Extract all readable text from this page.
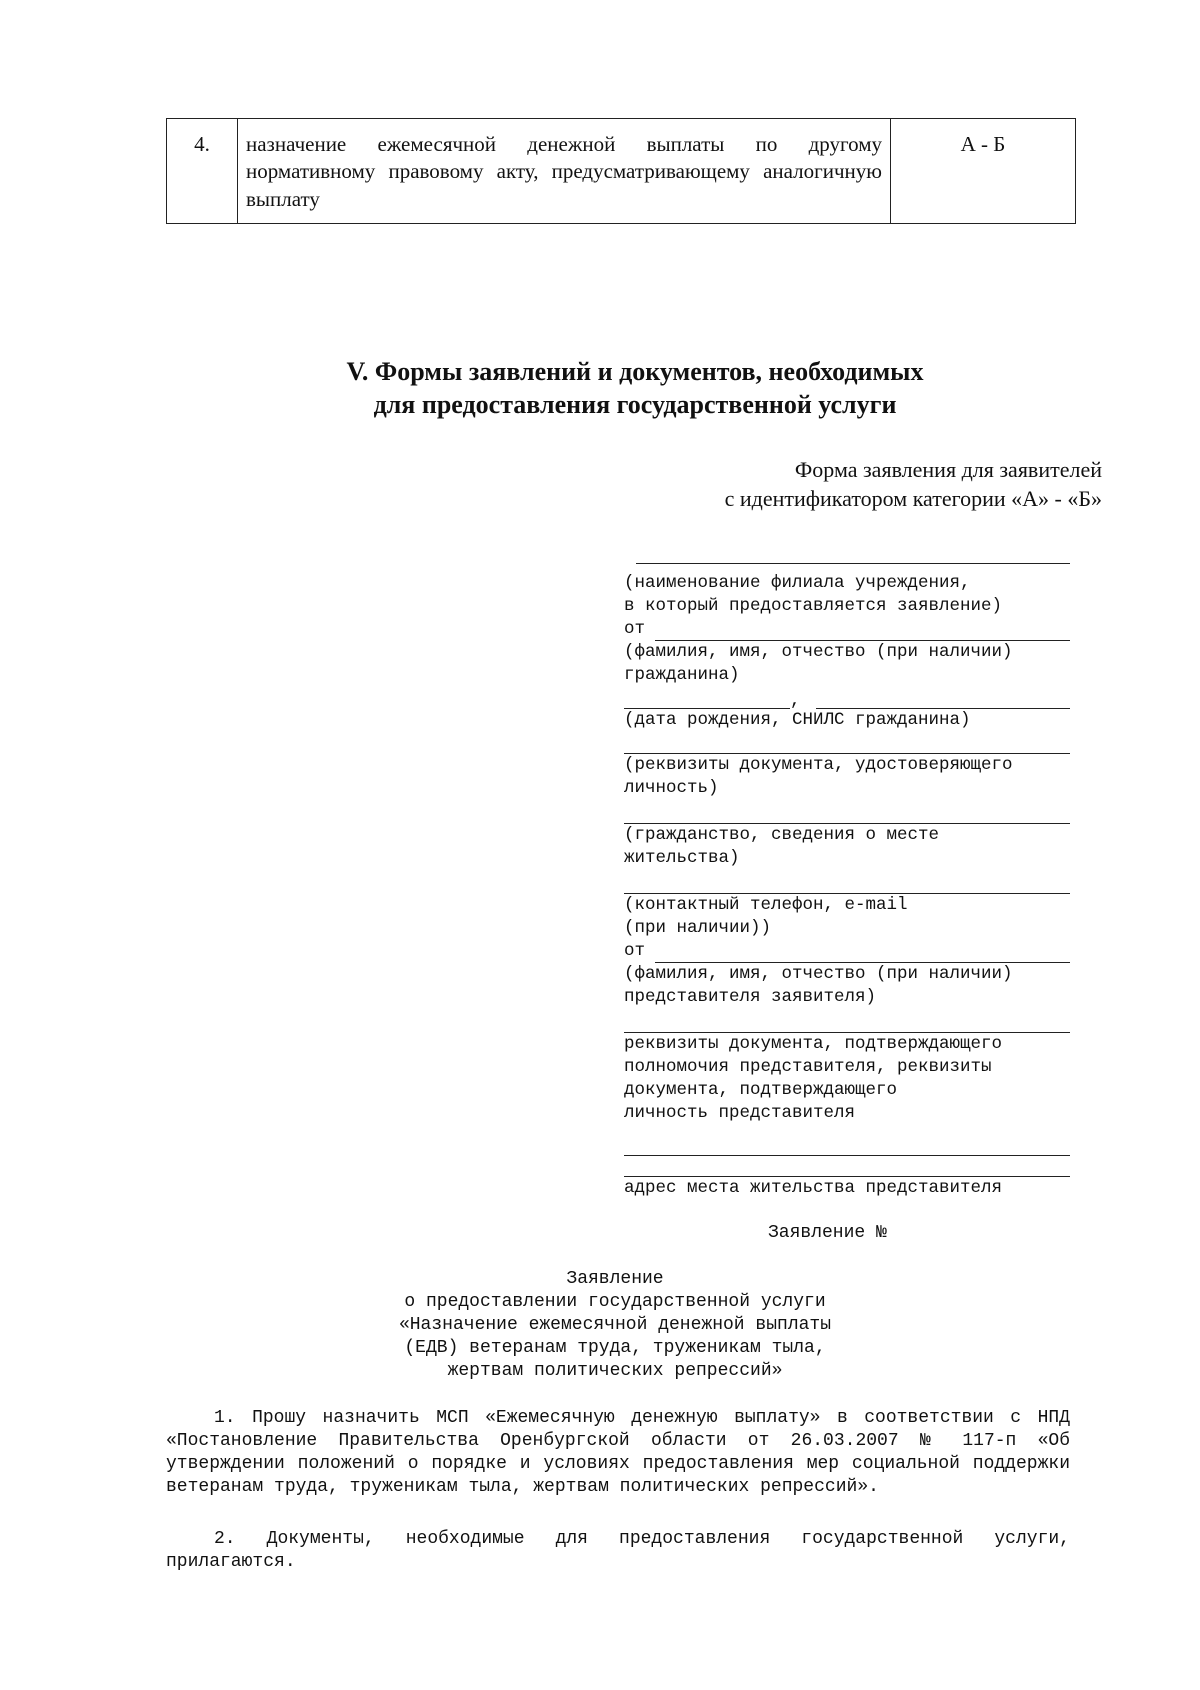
4.	назначение ежемесячной денежной выплаты по другому нормативному правовому акту, предусматривающему аналогичную выплату	А - Б
V. Формы заявлений и документов, необходимых
для предоставления государственной услуги
Форма заявления для заявителей
с идентификатором категории «А» - «Б»
(наименование филиала учреждения,
в который предоставляется заявление)
от
(фамилия, имя, отчество (при наличии)
гражданина)
,
(дата рождения, СНИЛС гражданина)
(реквизиты документа, удостоверяющего
личность)
(гражданство, сведения о месте
жительства)
(контактный телефон, e-mail
(при наличии))
от
(фамилия, имя, отчество (при наличии)
представителя заявителя)
реквизиты документа, подтверждающего
полномочия представителя, реквизиты
документа, подтверждающего
личность представителя
адрес места жительства представителя
Заявление №
Заявление
о предоставлении государственной услуги
«Назначение ежемесячной денежной выплаты
(ЕДВ) ветеранам труда, труженикам тыла,
жертвам политических репрессий»
1. Прошу назначить МСП «Ежемесячную денежную выплату» в соответствии с НПД «Постановление Правительства Оренбургской области от 26.03.2007 № 117-п «Об утверждении положений о порядке и условиях предоставления мер социальной поддержки ветеранам труда, труженикам тыла, жертвам политических репрессий».
2. Документы, необходимые для предоставления государственной услуги, прилагаются.
